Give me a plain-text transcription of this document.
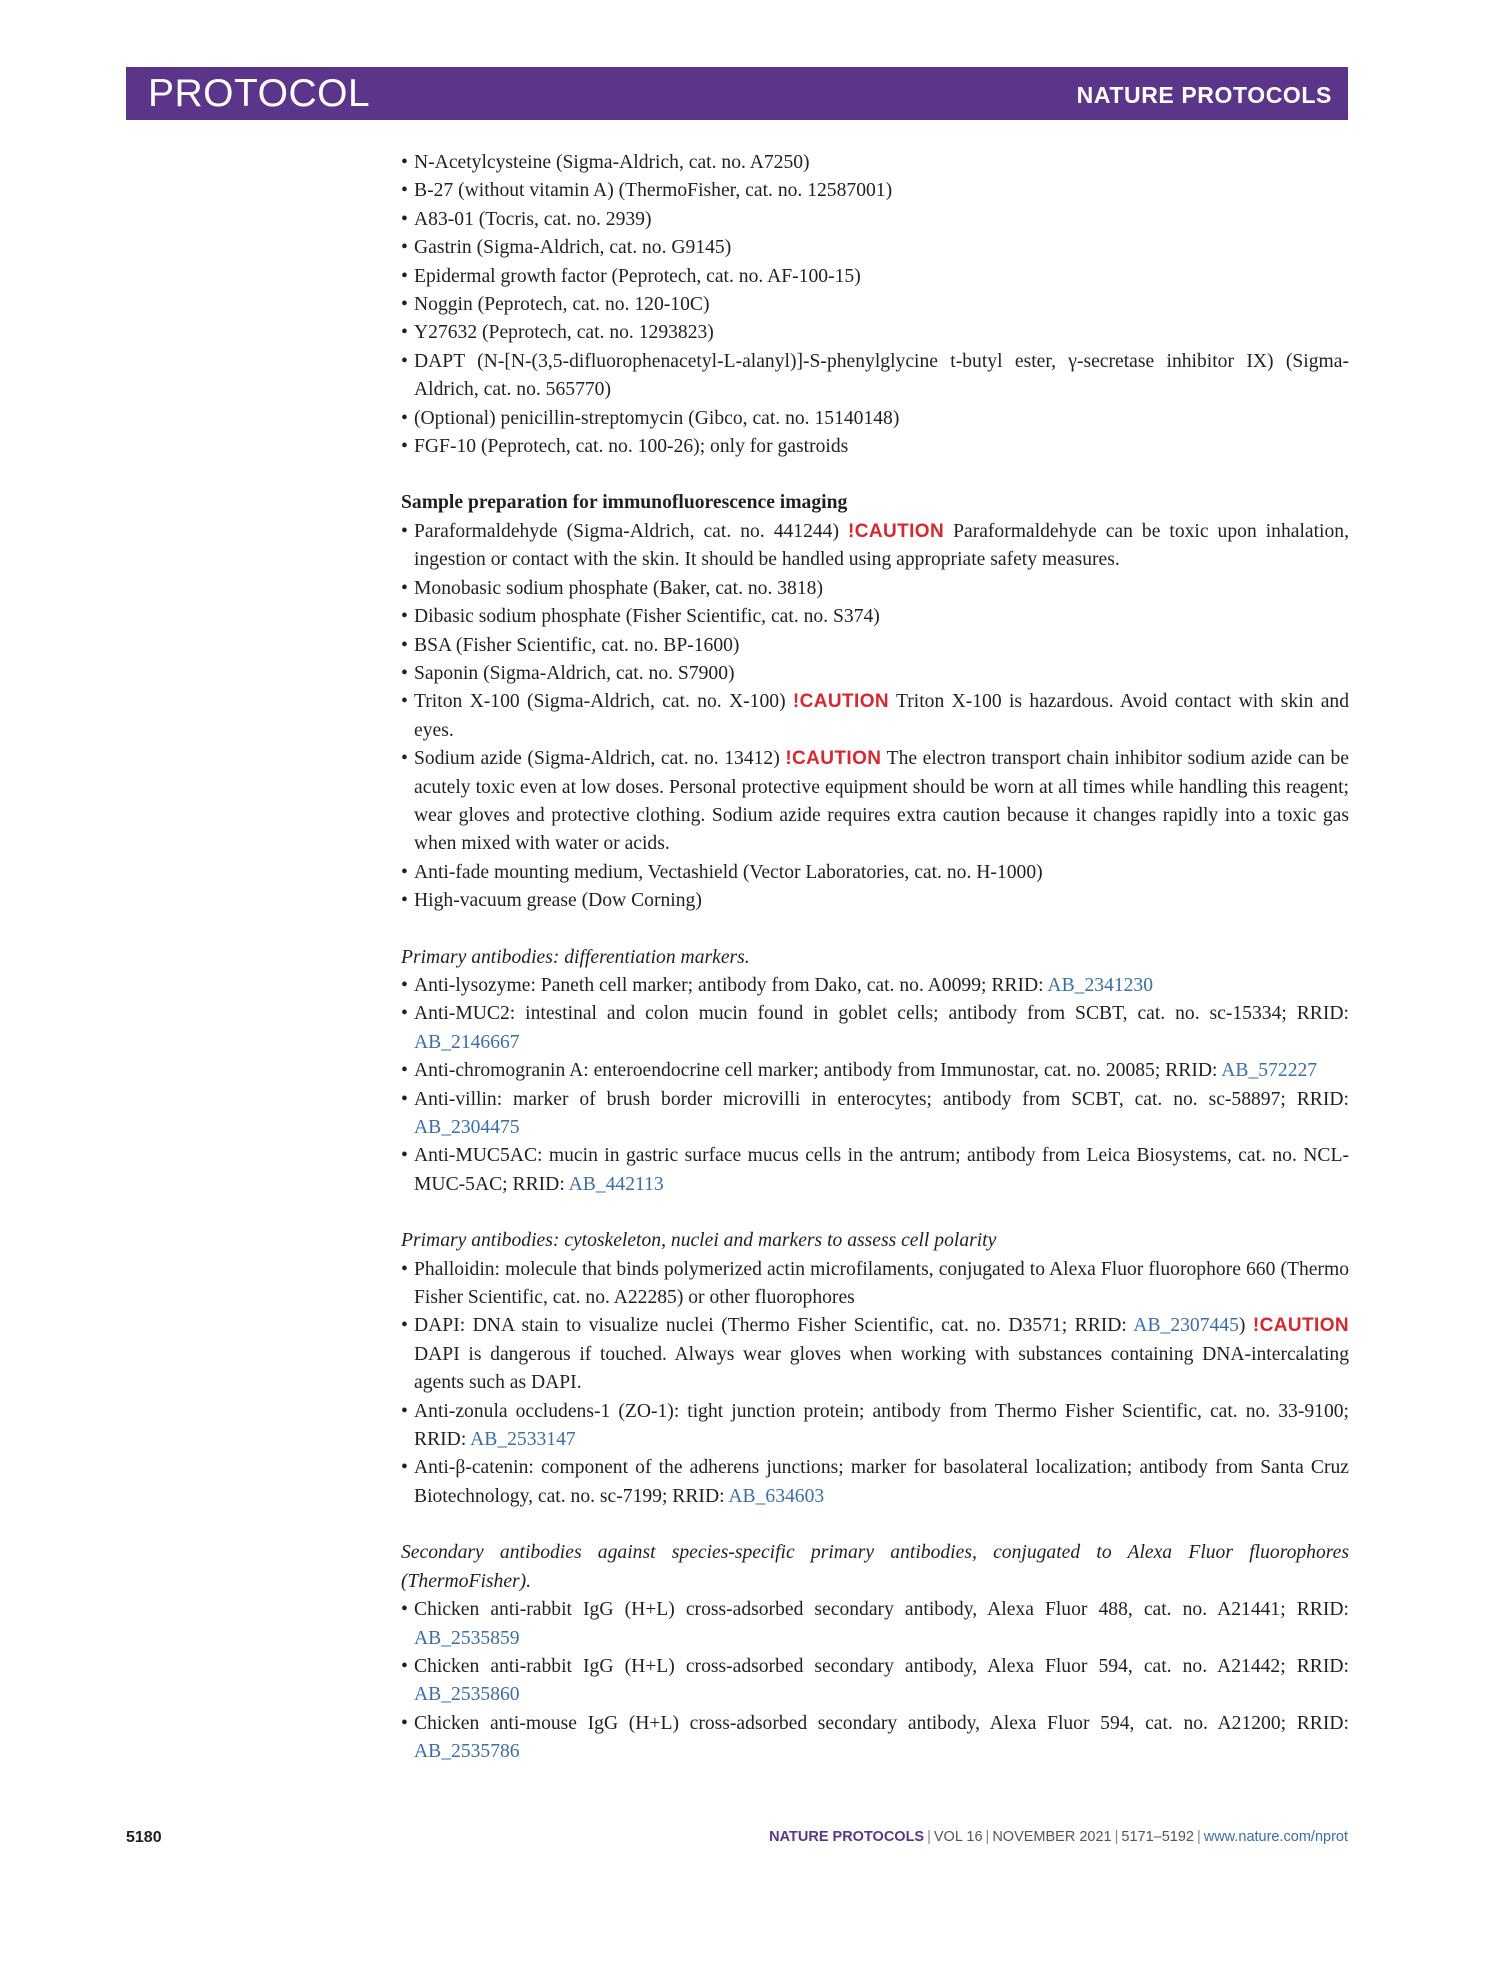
PROTOCOL	NATURE PROTOCOLS
• N-Acetylcysteine (Sigma-Aldrich, cat. no. A7250)
• B-27 (without vitamin A) (ThermoFisher, cat. no. 12587001)
• A83-01 (Tocris, cat. no. 2939)
• Gastrin (Sigma-Aldrich, cat. no. G9145)
• Epidermal growth factor (Peprotech, cat. no. AF-100-15)
• Noggin (Peprotech, cat. no. 120-10C)
• Y27632 (Peprotech, cat. no. 1293823)
• DAPT (N-[N-(3,5-difluorophenacetyl-L-alanyl)]-S-phenylglycine t-butyl ester, γ-secretase inhibitor IX) (Sigma-Aldrich, cat. no. 565770)
• (Optional) penicillin-streptomycin (Gibco, cat. no. 15140148)
• FGF-10 (Peprotech, cat. no. 100-26); only for gastroids
Sample preparation for immunofluorescence imaging
• Paraformaldehyde (Sigma-Aldrich, cat. no. 441244) !CAUTION Paraformaldehyde can be toxic upon inhalation, ingestion or contact with the skin. It should be handled using appropriate safety measures.
• Monobasic sodium phosphate (Baker, cat. no. 3818)
• Dibasic sodium phosphate (Fisher Scientific, cat. no. S374)
• BSA (Fisher Scientific, cat. no. BP-1600)
• Saponin (Sigma-Aldrich, cat. no. S7900)
• Triton X-100 (Sigma-Aldrich, cat. no. X-100) !CAUTION Triton X-100 is hazardous. Avoid contact with skin and eyes.
• Sodium azide (Sigma-Aldrich, cat. no. 13412) !CAUTION The electron transport chain inhibitor sodium azide can be acutely toxic even at low doses. Personal protective equipment should be worn at all times while handling this reagent; wear gloves and protective clothing. Sodium azide requires extra caution because it changes rapidly into a toxic gas when mixed with water or acids.
• Anti-fade mounting medium, Vectashield (Vector Laboratories, cat. no. H-1000)
• High-vacuum grease (Dow Corning)
Primary antibodies: differentiation markers.
• Anti-lysozyme: Paneth cell marker; antibody from Dako, cat. no. A0099; RRID: AB_2341230
• Anti-MUC2: intestinal and colon mucin found in goblet cells; antibody from SCBT, cat. no. sc-15334; RRID: AB_2146667
• Anti-chromogranin A: enteroendocrine cell marker; antibody from Immunostar, cat. no. 20085; RRID: AB_572227
• Anti-villin: marker of brush border microvilli in enterocytes; antibody from SCBT, cat. no. sc-58897; RRID: AB_2304475
• Anti-MUC5AC: mucin in gastric surface mucus cells in the antrum; antibody from Leica Biosystems, cat. no. NCL-MUC-5AC; RRID: AB_442113
Primary antibodies: cytoskeleton, nuclei and markers to assess cell polarity
• Phalloidin: molecule that binds polymerized actin microfilaments, conjugated to Alexa Fluor fluorophore 660 (Thermo Fisher Scientific, cat. no. A22285) or other fluorophores
• DAPI: DNA stain to visualize nuclei (Thermo Fisher Scientific, cat. no. D3571; RRID: AB_2307445) !CAUTION DAPI is dangerous if touched. Always wear gloves when working with substances containing DNA-intercalating agents such as DAPI.
• Anti-zonula occludens-1 (ZO-1): tight junction protein; antibody from Thermo Fisher Scientific, cat. no. 33-9100; RRID: AB_2533147
• Anti-β-catenin: component of the adherens junctions; marker for basolateral localization; antibody from Santa Cruz Biotechnology, cat. no. sc-7199; RRID: AB_634603
Secondary antibodies against species-specific primary antibodies, conjugated to Alexa Fluor fluorophores (ThermoFisher).
• Chicken anti-rabbit IgG (H+L) cross-adsorbed secondary antibody, Alexa Fluor 488, cat. no. A21441; RRID: AB_2535859
• Chicken anti-rabbit IgG (H+L) cross-adsorbed secondary antibody, Alexa Fluor 594, cat. no. A21442; RRID: AB_2535860
• Chicken anti-mouse IgG (H+L) cross-adsorbed secondary antibody, Alexa Fluor 594, cat. no. A21200; RRID: AB_2535786
5180	NATURE PROTOCOLS | VOL 16 | NOVEMBER 2021 | 5171–5192 | www.nature.com/nprot
